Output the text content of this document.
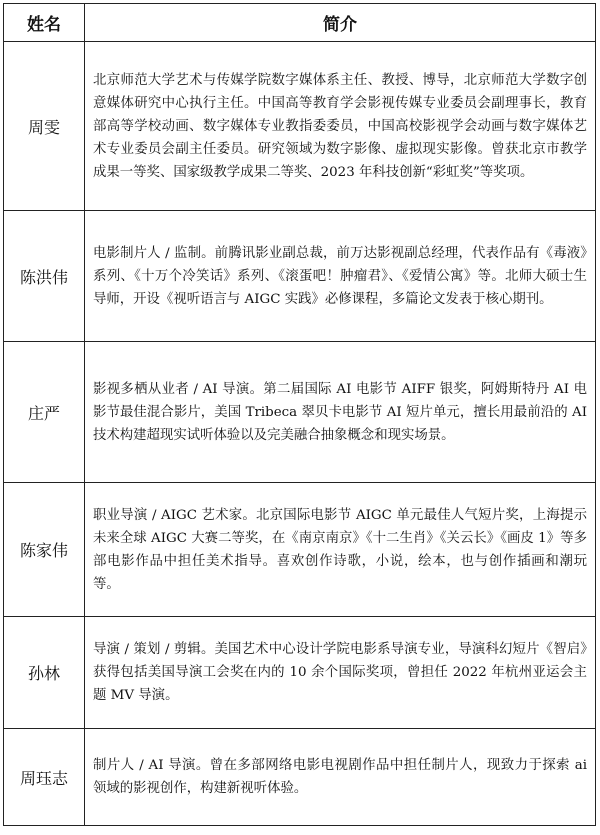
姓名	简介
周雯	北京师范大学艺术与传媒学院数字媒体系主任、教授、博导，北京师范大学数字创意媒体研究中心执行主任。中国高等教育学会影视传媒专业委员会副理事长，教育部高等学校动画、数字媒体专业教指委委员，中国高校影视学会动画与数字媒体艺术专业委员会副主任委员。研究领域为数字影像、虚拟现实影像。曾获北京市教学成果一等奖、国家级教学成果二等奖、2023 年科技创新“彩虹奖”等奖项。

陈洪伟	电影制片人 / 监制。前腾讯影业副总裁，前万达影视副总经理，代表作品有《毒液》系列、《十万个冷笑话》系列、《滚蛋吧！肿瘤君》、《爱情公寓》等。北师大硕士生导师，开设《视听语言与 AIGC 实践》必修课程，多篇论文发表于核心期刊。

庄严	影视多栖从业者 / AI 导演。第二届国际 AI 电影节 AIFF 银奖，阿姆斯特丹 AI 电影节最佳混合影片，美国 Tribeca 翠贝卡电影节 AI 短片单元，擅长用最前沿的 AI 技术构建超现实试听体验以及完美融合抽象概念和现实场景。

陈家伟	职业导演 / AIGC 艺术家。北京国际电影节 AIGC 单元最佳人气短片奖，上海提示未来全球 AIGC 大赛二等奖，在《南京南京》《十二生肖》《关云长》《画皮 1》等多部电影作品中担任美术指导。喜欢创作诗歌，小说，绘本，也与创作插画和潮玩等。

孙林	导演 / 策划 / 剪辑。美国艺术中心设计学院电影系导演专业，导演科幻短片《智启》获得包括美国导演工会奖在内的 10 余个国际奖项，曾担任 2022 年杭州亚运会主题 MV 导演。

周珏志	制片人 / AI 导演。曾在多部网络电影电视剧作品中担任制片人，现致力于探索 ai 领域的影视创作，构建新视听体验。
